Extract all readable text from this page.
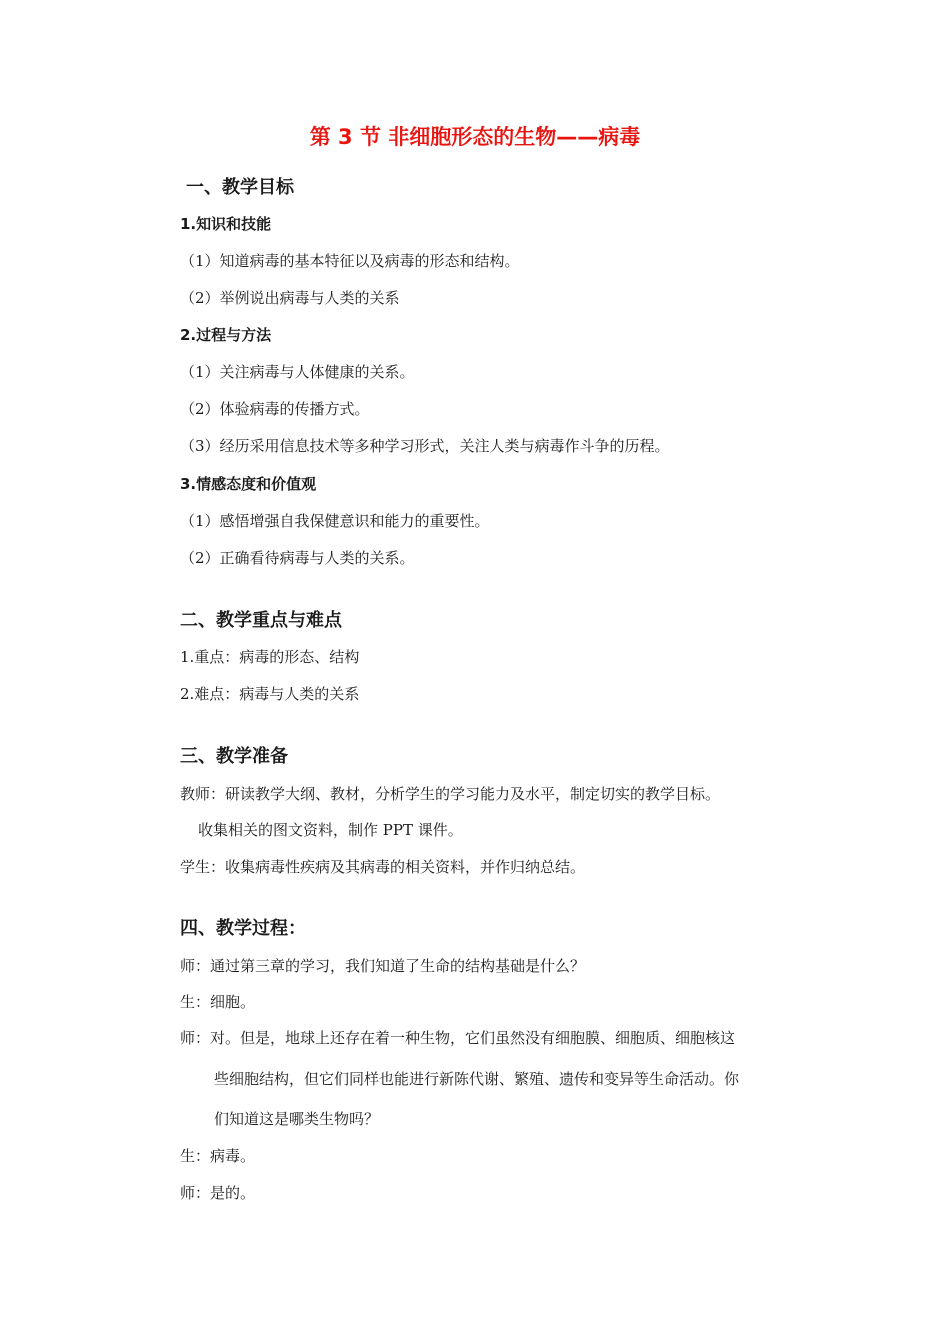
第 3 节 非细胞形态的生物——病毒
一、教学目标
1.知识和技能
（1）知道病毒的基本特征以及病毒的形态和结构。
（2）举例说出病毒与人类的关系
2.过程与方法
（1）关注病毒与人体健康的关系。
（2）体验病毒的传播方式。
（3）经历采用信息技术等多种学习形式，关注人类与病毒作斗争的历程。
3.情感态度和价值观
（1）感悟增强自我保健意识和能力的重要性。
（2）正确看待病毒与人类的关系。
二、教学重点与难点
1.重点：病毒的形态、结构
2.难点：病毒与人类的关系
三、教学准备
教师：研读教学大纲、教材，分析学生的学习能力及水平，制定切实的教学目标。
收集相关的图文资料，制作 PPT 课件。
学生：收集病毒性疾病及其病毒的相关资料，并作归纳总结。
四、教学过程：
师：通过第三章的学习，我们知道了生命的结构基础是什么？
生：细胞。
师：对。但是，地球上还存在着一种生物，它们虽然没有细胞膜、细胞质、细胞核这
些细胞结构，但它们同样也能进行新陈代谢、繁殖、遗传和变异等生命活动。你
们知道这是哪类生物吗？
生：病毒。
师：是的。
